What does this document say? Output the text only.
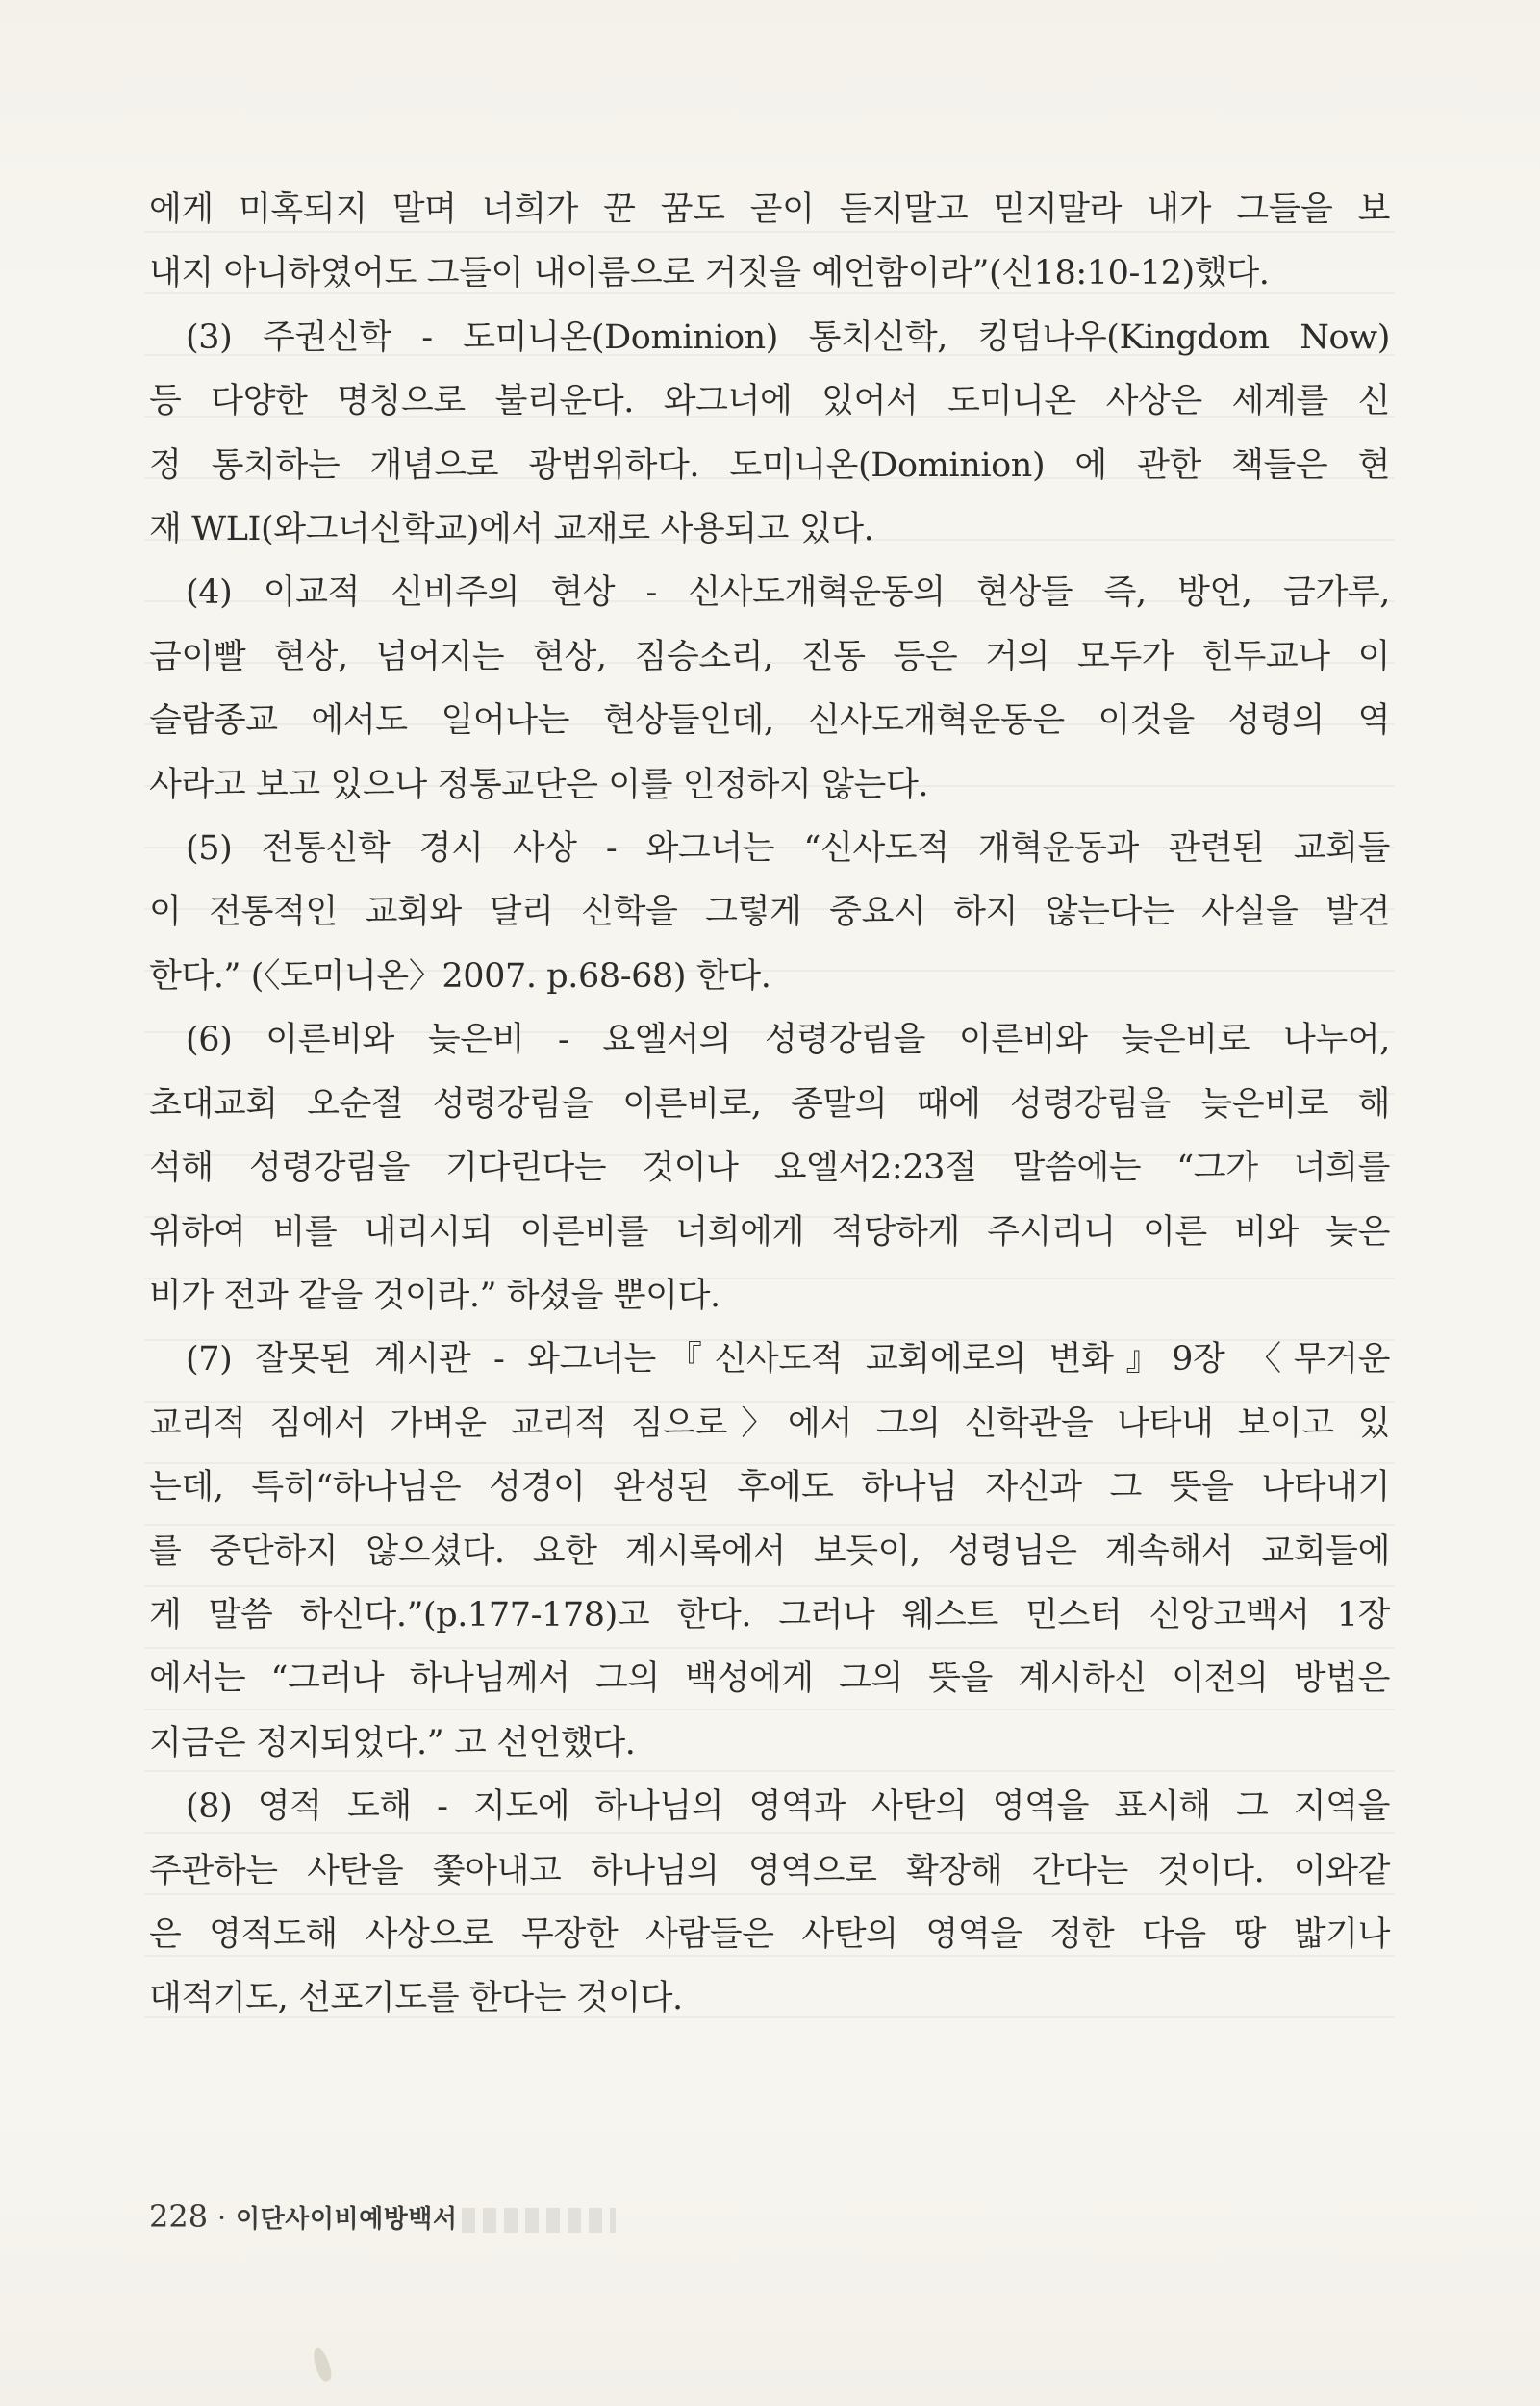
에게 미혹되지 말며 너희가 꾼 꿈도 곧이 듣지말고 믿지말라 내가 그들을 보
내지 아니하였어도 그들이 내이름으로 거짓을 예언함이라”(신18:10-12)했다.
(3) 주권신학 - 도미니온(Dominion) 통치신학, 킹덤나우(Kingdom Now)
등 다양한 명칭으로 불리운다. 와그너에 있어서 도미니온 사상은 세계를 신
정 통치하는 개념으로 광범위하다. 도미니온(Dominion) 에 관한 책들은 현
재 WLI(와그너신학교)에서 교재로 사용되고 있다.
(4) 이교적 신비주의 현상 - 신사도개혁운동의 현상들 즉, 방언, 금가루,
금이빨 현상, 넘어지는 현상, 짐승소리, 진동 등은 거의 모두가 힌두교나 이
슬람종교 에서도 일어나는 현상들인데, 신사도개혁운동은 이것을 성령의 역
사라고 보고 있으나 정통교단은 이를 인정하지 않는다.
(5) 전통신학 경시 사상 - 와그너는 “신사도적 개혁운동과 관련된 교회들
이 전통적인 교회와 달리 신학을 그렇게 중요시 하지 않는다는 사실을 발견
한다.” (〈도미니온〉2007. p.68-68) 한다.
(6) 이른비와 늦은비 - 요엘서의 성령강림을 이른비와 늦은비로 나누어,
초대교회 오순절 성령강림을 이른비로, 종말의 때에 성령강림을 늦은비로 해
석해 성령강림을 기다린다는 것이나 요엘서2:23절 말씀에는 “그가 너희를
위하여 비를 내리시되 이른비를 너희에게 적당하게 주시리니 이른 비와 늦은
비가 전과 같을 것이라.” 하셨을 뿐이다.
(7) 잘못된 계시관 - 와그너는『신사도적 교회에로의 변화』9장 〈무거운
교리적 짐에서 가벼운 교리적 짐으로〉에서 그의 신학관을 나타내 보이고 있
는데, 특히“하나님은 성경이 완성된 후에도 하나님 자신과 그 뜻을 나타내기
를 중단하지 않으셨다. 요한 계시록에서 보듯이, 성령님은 계속해서 교회들에
게 말씀 하신다.”(p.177-178)고 한다. 그러나 웨스트 민스터 신앙고백서 1장
에서는 “그러나 하나님께서 그의 백성에게 그의 뜻을 계시하신 이전의 방법은
지금은 정지되었다.” 고 선언했다.
(8) 영적 도해 - 지도에 하나님의 영역과 사탄의 영역을 표시해 그 지역을
주관하는 사탄을 쫓아내고 하나님의 영역으로 확장해 간다는 것이다. 이와같
은 영적도해 사상으로 무장한 사람들은 사탄의 영역을 정한 다음 땅 밟기나
대적기도, 선포기도를 한다는 것이다.
228 · 이단사이비예방백서
